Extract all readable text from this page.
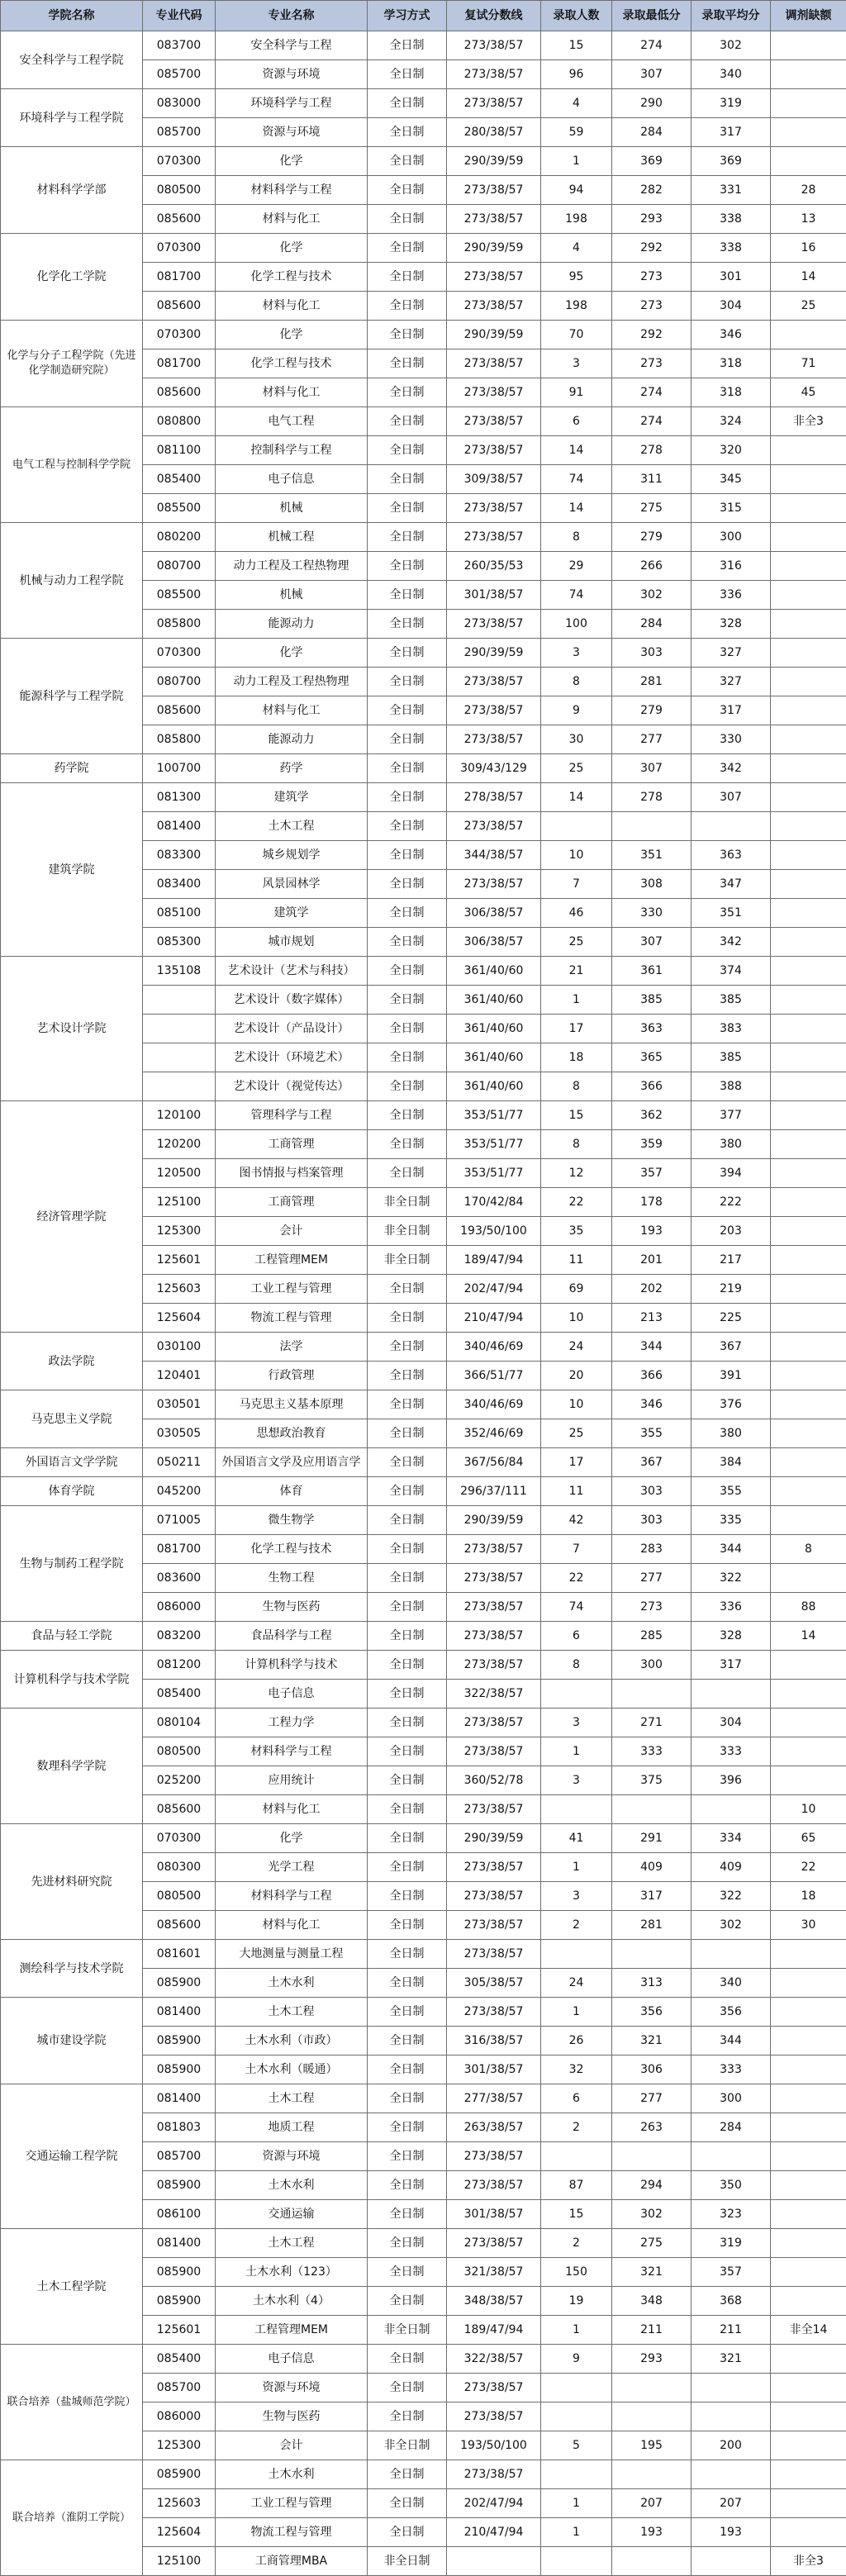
学院名称	专业代码	专业名称	学习方式	复试分数线	录取人数	录取最低分	录取平均分	调剂缺额
安全科学与工程学院	083700	安全科学与工程	全日制	273/38/57	15	274	302	
	085700	资源与环境	全日制	273/38/57	96	307	340	
环境科学与工程学院	083000	环境科学与工程	全日制	273/38/57	4	290	319	
	085700	资源与环境	全日制	280/38/57	59	284	317	
材料科学学部	070300	化学	全日制	290/39/59	1	369	369	
	080500	材料科学与工程	全日制	273/38/57	94	282	331	28
	085600	材料与化工	全日制	273/38/57	198	293	338	13
化学化工学院	070300	化学	全日制	290/39/59	4	292	338	16
	081700	化学工程与技术	全日制	273/38/57	95	273	301	14
	085600	材料与化工	全日制	273/38/57	198	273	304	25
化学与分子工程学院（先进化学制造研究院）	070300	化学	全日制	290/39/59	70	292	346	
	081700	化学工程与技术	全日制	273/38/57	3	273	318	71
	085600	材料与化工	全日制	273/38/57	91	274	318	45
电气工程与控制科学学院	080800	电气工程	全日制	273/38/57	6	274	324	非全3
	081100	控制科学与工程	全日制	273/38/57	14	278	320	
	085400	电子信息	全日制	309/38/57	74	311	345	
	085500	机械	全日制	273/38/57	14	275	315	
机械与动力工程学院	080200	机械工程	全日制	273/38/57	8	279	300	
	080700	动力工程及工程热物理	全日制	260/35/53	29	266	316	
	085500	机械	全日制	301/38/57	74	302	336	
	085800	能源动力	全日制	273/38/57	100	284	328	
能源科学与工程学院	070300	化学	全日制	290/39/59	3	303	327	
	080700	动力工程及工程热物理	全日制	273/38/57	8	281	327	
	085600	材料与化工	全日制	273/38/57	9	279	317	
	085800	能源动力	全日制	273/38/57	30	277	330	
药学院	100700	药学	全日制	309/43/129	25	307	342	
建筑学院	081300	建筑学	全日制	278/38/57	14	278	307	
	081400	土木工程	全日制	273/38/57				
	083300	城乡规划学	全日制	344/38/57	10	351	363	
	083400	风景园林学	全日制	273/38/57	7	308	347	
	085100	建筑学	全日制	306/38/57	46	330	351	
	085300	城市规划	全日制	306/38/57	25	307	342	
艺术设计学院	135108	艺术设计（艺术与科技）	全日制	361/40/60	21	361	374	
		艺术设计（数字媒体）	全日制	361/40/60	1	385	385	
		艺术设计（产品设计）	全日制	361/40/60	17	363	383	
		艺术设计（环境艺术）	全日制	361/40/60	18	365	385	
		艺术设计（视觉传达）	全日制	361/40/60	8	366	388	
经济管理学院	120100	管理科学与工程	全日制	353/51/77	15	362	377	
	120200	工商管理	全日制	353/51/77	8	359	380	
	120500	图书情报与档案管理	全日制	353/51/77	12	357	394	
	125100	工商管理	非全日制	170/42/84	22	178	222	
	125300	会计	非全日制	193/50/100	35	193	203	
	125601	工程管理MEM	非全日制	189/47/94	11	201	217	
	125603	工业工程与管理	全日制	202/47/94	69	202	219	
	125604	物流工程与管理	全日制	210/47/94	10	213	225	
政法学院	030100	法学	全日制	340/46/69	24	344	367	
	120401	行政管理	全日制	366/51/77	20	366	391	
马克思主义学院	030501	马克思主义基本原理	全日制	340/46/69	10	346	376	
	030505	思想政治教育	全日制	352/46/69	25	355	380	
外国语言文学学院	050211	外国语言文学及应用语言学	全日制	367/56/84	17	367	384	
体育学院	045200	体育	全日制	296/37/111	11	303	355	
生物与制药工程学院	071005	微生物学	全日制	290/39/59	42	303	335	
	081700	化学工程与技术	全日制	273/38/57	7	283	344	8
	083600	生物工程	全日制	273/38/57	22	277	322	
	086000	生物与医药	全日制	273/38/57	74	273	336	88
食品与轻工学院	083200	食品科学与工程	全日制	273/38/57	6	285	328	14
计算机科学与技术学院	081200	计算机科学与技术	全日制	273/38/57	8	300	317	
	085400	电子信息	全日制	322/38/57				
数理科学学院	080104	工程力学	全日制	273/38/57	3	271	304	
	080500	材料科学与工程	全日制	273/38/57	1	333	333	
	025200	应用统计	全日制	360/52/78	3	375	396	
	085600	材料与化工	全日制	273/38/57				10
先进材料研究院	070300	化学	全日制	290/39/59	41	291	334	65
	080300	光学工程	全日制	273/38/57	1	409	409	22
	080500	材料科学与工程	全日制	273/38/57	3	317	322	18
	085600	材料与化工	全日制	273/38/57	2	281	302	30
测绘科学与技术学院	081601	大地测量与测量工程	全日制	273/38/57				
	085900	土木水利	全日制	305/38/57	24	313	340	
城市建设学院	081400	土木工程	全日制	273/38/57	1	356	356	
	085900	土木水利（市政）	全日制	316/38/57	26	321	344	
	085900	土木水利（暖通）	全日制	301/38/57	32	306	333	
交通运输工程学院	081400	土木工程	全日制	277/38/57	6	277	300	
	081803	地质工程	全日制	263/38/57	2	263	284	
	085700	资源与环境	全日制	273/38/57				
	085900	土木水利	全日制	273/38/57	87	294	350	
	086100	交通运输	全日制	301/38/57	15	302	323	
土木工程学院	081400	土木工程	全日制	273/38/57	2	275	319	
	085900	土木水利（123）	全日制	321/38/57	150	321	357	
	085900	土木水利（4）	全日制	348/38/57	19	348	368	
	125601	工程管理MEM	非全日制	189/47/94	1	211	211	非全14
联合培养（盐城师范学院）	085400	电子信息	全日制	322/38/57	9	293	321	
	085700	资源与环境	全日制	273/38/57				
	086000	生物与医药	全日制	273/38/57				
	125300	会计	非全日制	193/50/100	5	195	200	
联合培养（淮阴工学院）	085900	土木水利	全日制	273/38/57				
	125603	工业工程与管理	全日制	202/47/94	1	207	207	
	125604	物流工程与管理	全日制	210/47/94	1	193	193	
	125100	工商管理MBA	非全日制					非全3
